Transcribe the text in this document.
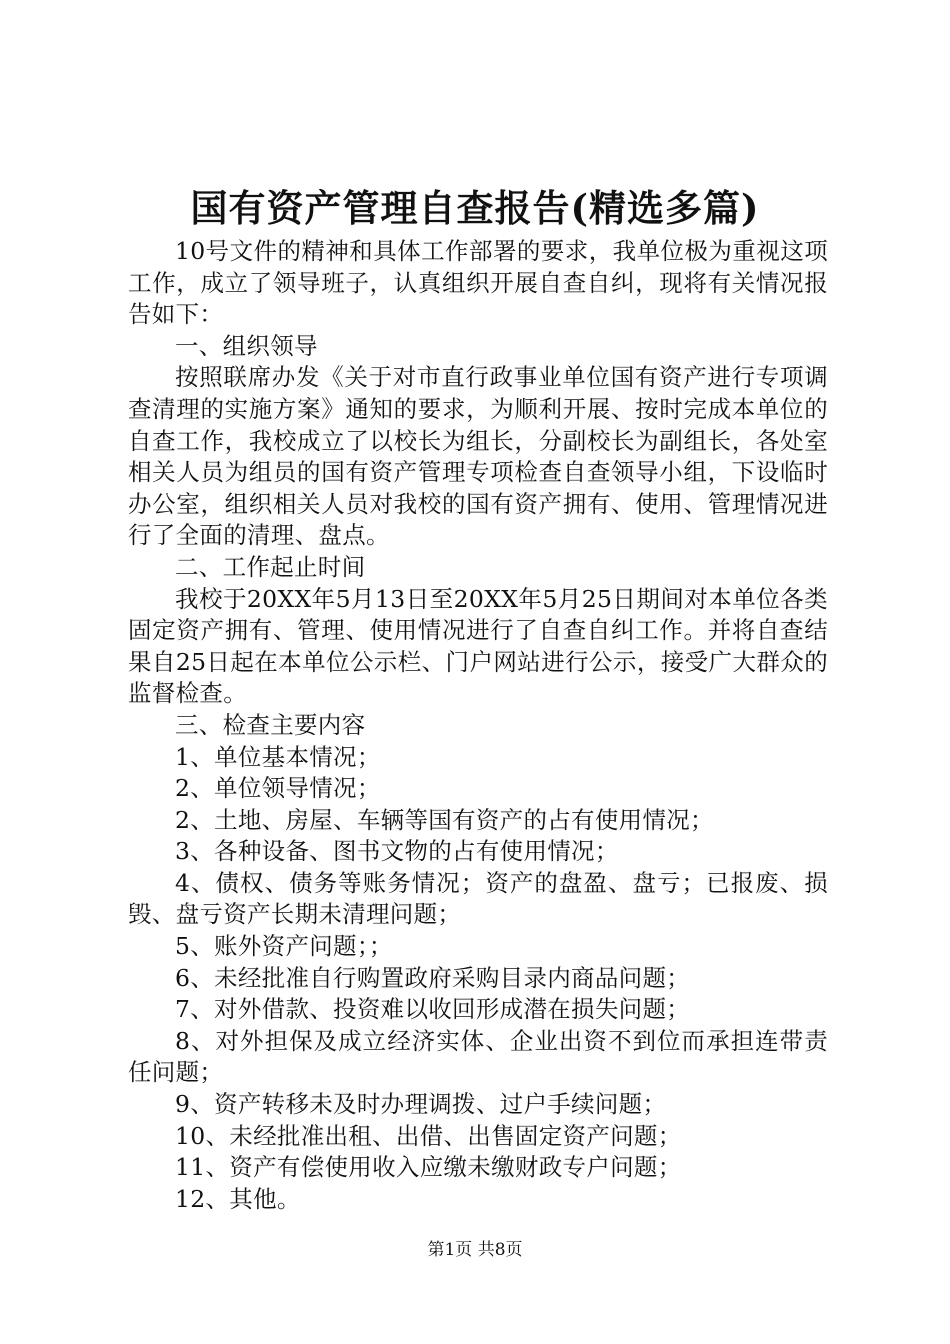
国有资产管理自查报告(精选多篇)

10号文件的精神和具体工作部署的要求，我单位极为重视这项工作，成立了领导班子，认真组织开展自查自纠，现将有关情况报告如下：

一、组织领导

按照联席办发《关于对市直行政事业单位国有资产进行专项调查清理的实施方案》通知的要求，为顺利开展、按时完成本单位的自查工作，我校成立了以校长为组长，分副校长为副组长，各处室相关人员为组员的国有资产管理专项检查自查领导小组，下设临时办公室，组织相关人员对我校的国有资产拥有、使用、管理情况进行了全面的清理、盘点。

二、工作起止时间

我校于20XX年5月13日至20XX年5月25日期间对本单位各类固定资产拥有、管理、使用情况进行了自查自纠工作。并将自查结果自25日起在本单位公示栏、门户网站进行公示，接受广大群众的监督检查。

三、检查主要内容

1、单位基本情况；

2、单位领导情况；

2、土地、房屋、车辆等国有资产的占有使用情况；

3、各种设备、图书文物的占有使用情况；

4、债权、债务等账务情况；资产的盘盈、盘亏；已报废、损毁、盘亏资产长期未清理问题；

5、账外资产问题；；

6、未经批准自行购置政府采购目录内商品问题；

7、对外借款、投资难以收回形成潜在损失问题；

8、对外担保及成立经济实体、企业出资不到位而承担连带责任问题；

9、资产转移未及时办理调拨、过户手续问题；

10、未经批准出租、出借、出售固定资产问题；

11、资产有偿使用收入应缴未缴财政专户问题；

12、其他。

第1页 共8页
